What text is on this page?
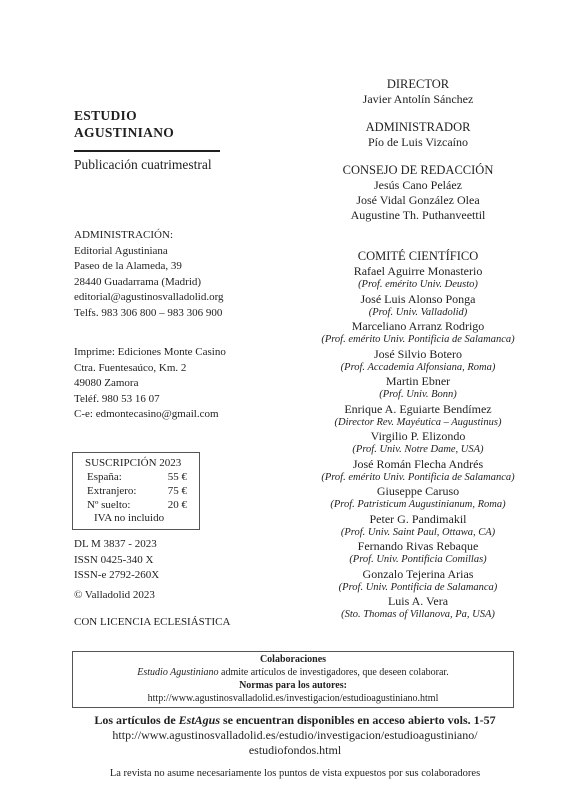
ESTUDIO
AGUSTINIANO
Publicación cuatrimestral
ADMINISTRACIÓN:
Editorial Agustiniana
Paseo de la Alameda, 39
28440 Guadarrama (Madrid)
editorial@agustinosvalladolid.org
Telfs. 983 306 800 – 983 306 900
Imprime: Ediciones Monte Casino
Ctra. Fuentesaúco, Km. 2
49080 Zamora
Teléf. 980 53 16 07
C-e: edmontecasino@gmail.com
SUSCRIPCIÓN 2023
España:	55 €
Extranjero:	75 €
Nº suelto:	20 €
IVA no incluido
DL M 3837 - 2023
ISSN 0425-340 X
ISSN-e 2792-260X
© Valladolid 2023
CON LICENCIA ECLESIÁSTICA
DIRECTOR
Javier Antolín Sánchez
ADMINISTRADOR
Pío de Luis Vizcaíno
CONSEJO DE REDACCIÓN
Jesús Cano Peláez
José Vidal González Olea
Augustine Th. Puthanveettil
COMITÉ CIENTÍFICO
Rafael Aguirre Monasterio
(Prof. emérito Univ. Deusto)
José Luis Alonso Ponga
(Prof. Univ. Valladolid)
Marceliano Arranz Rodrigo
(Prof. emérito Univ. Pontificia de Salamanca)
José Silvio Botero
(Prof. Accademia Alfonsiana, Roma)
Martin Ebner
(Prof. Univ. Bonn)
Enrique A. Eguiarte Bendímez
(Director Rev. Mayéutica – Augustinus)
Virgilio P. Elizondo
(Prof. Univ. Notre Dame, USA)
José Román Flecha Andrés
(Prof. emérito Univ. Pontificia de Salamanca)
Giuseppe Caruso
(Prof. Patristicum Augustinianum, Roma)
Peter G. Pandimakil
(Prof. Univ. Saint Paul, Ottawa, CA)
Fernando Rivas Rebaque
(Prof. Univ. Pontificia Comillas)
Gonzalo Tejerina Arias
(Prof. Univ. Pontificia de Salamanca)
Luis A. Vera
(Sto. Thomas of Villanova, Pa, USA)
Colaboraciones
Estudio Agustiniano admite artículos de investigadores, que deseen colaborar.
Normas para los autores:
http://www.agustinosvalladolid.es/investigacion/estudioagustiniano.html
Los artículos de EstAgus se encuentran disponibles en acceso abierto vols. 1-57
http://www.agustinosvalladolid.es/estudio/investigacion/estudioagustiniano/
estudiofondos.html
La revista no asume necesariamente los puntos de vista expuestos por sus colaboradores
